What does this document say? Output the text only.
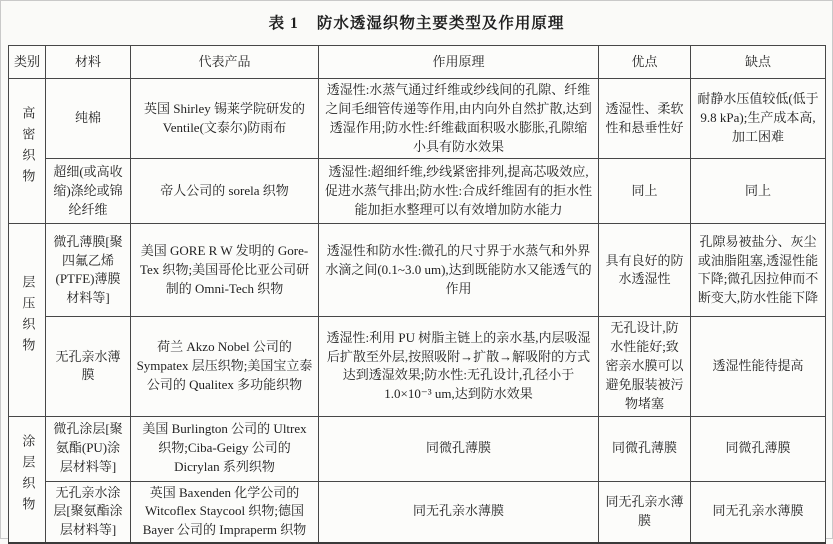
表 1 防水透湿织物主要类型及作用原理
类别	材料	代表产品	作用原理	优点	缺点
高密织物	纯棉	英国 Shirley 锡莱学院研发的 Ventile(文泰尔)防雨布	透湿性:水蒸气通过纤维或纱线间的孔隙、纤维之间毛细管传递等作用,由内向外自然扩散,达到透湿作用;防水性:纤维截面积吸水膨胀,孔隙缩小具有防水效果	透湿性、柔软性和悬垂性好	耐静水压值较低(低于 9.8 kPa);生产成本高,加工困难
	超细(或高收缩)涤纶或锦纶纤维	帝人公司的 sorela 织物	透湿性:超细纤维,纱线紧密排列,提高芯吸效应,促进水蒸气排出;防水性:合成纤维固有的拒水性能加拒水整理可以有效增加防水能力	同上	同上
层压织物	微孔薄膜[聚四氟乙烯(PTFE)薄膜材料等]	美国 GORE R W 发明的 Gore-Tex 织物;美国哥伦比亚公司研制的 Omni-Tech 织物	透湿性和防水性:微孔的尺寸界于水蒸气和外界水滴之间(0.1~3.0 um),达到既能防水又能透气的作用	具有良好的防水透湿性	孔隙易被盐分、灰尘或油脂阻塞,透湿性能下降;微孔因拉伸而不断变大,防水性能下降
	无孔亲水薄膜	荷兰 Akzo Nobel 公司的 Sympatex 层压织物;美国宝立泰公司的 Qualitex 多功能织物	透湿性:利用 PU 树脂主链上的亲水基,内层吸湿后扩散至外层,按照吸附→扩散→解吸附的方式达到透湿效果;防水性:无孔设计,孔径小于 1.0×10⁻³ um,达到防水效果	无孔设计,防水性能好;致密亲水膜可以避免服装被污物堵塞	透湿性能待提高
涂层织物	微孔涂层[聚氨酯(PU)涂层材料等]	美国 Burlington 公司的 Ultrex 织物;Ciba-Geigy 公司的 Dicrylan 系列织物	同微孔薄膜	同微孔薄膜	同微孔薄膜
	无孔亲水涂层[聚氨酯涂层材料等]	英国 Baxenden 化学公司的 Witcoflex Staycool 织物;德国 Bayer 公司的 Impraperm 织物	同无孔亲水薄膜	同无孔亲水薄膜	同无孔亲水薄膜
